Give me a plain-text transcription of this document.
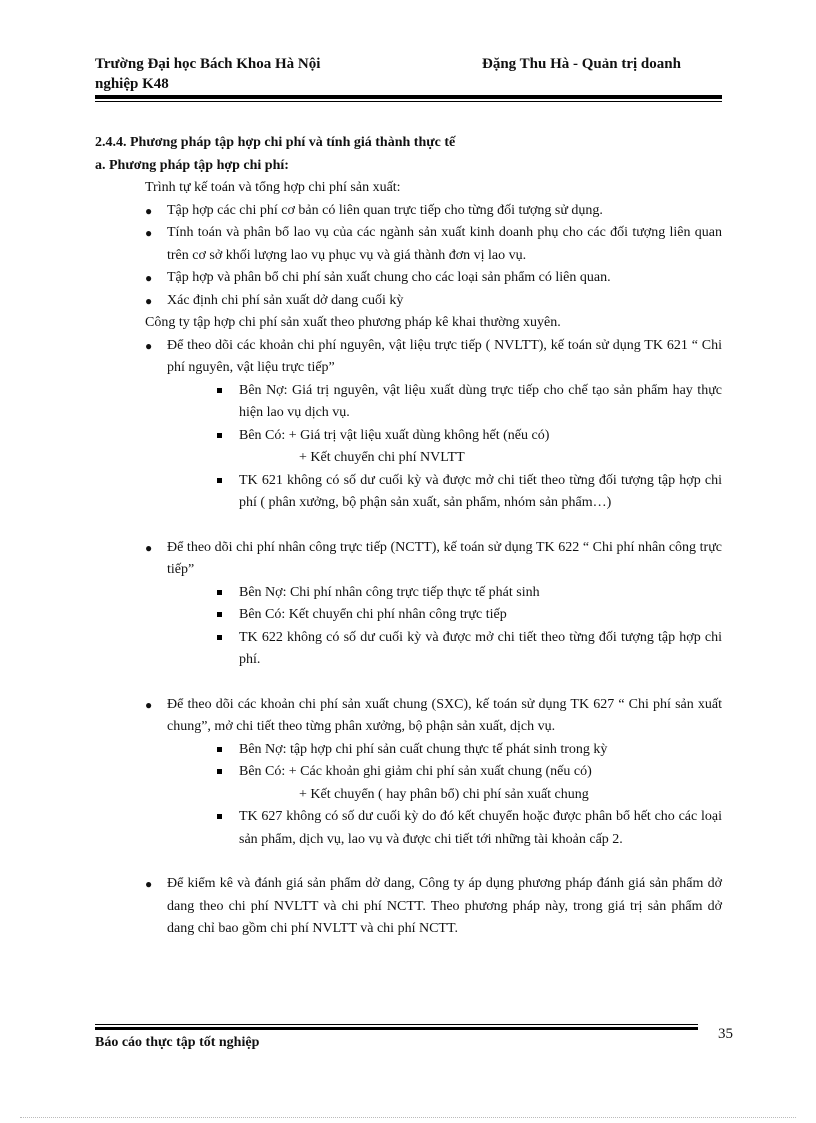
Trường Đại học Bách Khoa Hà Nội
nghiệp K48
Đặng Thu Hà - Quản trị doanh
2.4.4. Phương pháp tập hợp chi phí và tính giá thành thực tế
a. Phương pháp tập hợp chi phí:
Trình tự kế toán và tổng hợp chi phí sản xuất:
● Tập hợp các chi phí cơ bản có liên quan trực tiếp cho từng đối tượng sử dụng.
● Tính toán và phân bổ lao vụ của các ngành sản xuất kinh doanh phụ cho các đối tượng liên quan trên cơ sở khối lượng lao vụ phục vụ và giá thành đơn vị lao vụ.
● Tập hợp và phân bổ chi phí sản xuất chung cho các loại sản phẩm có liên quan.
● Xác định chi phí sản xuất dở dang cuối kỳ
Công ty tập hợp chi phí sản xuất theo phương pháp kê khai thường xuyên.
● Để theo dõi các khoản chi phí nguyên, vật liệu trực tiếp ( NVLTT), kế toán sử dụng TK 621 “ Chi phí nguyên, vật liệu trực tiếp”
Bên Nợ: Giá trị nguyên, vật liệu xuất dùng trực tiếp cho chế tạo sản phẩm hay thực hiện lao vụ dịch vụ.
Bên Có: + Giá trị vật liệu xuất dùng không hết (nếu có)
+ Kết chuyển chi phí NVLTT
TK 621 không có số dư cuối kỳ và được mở chi tiết theo từng đối tượng tập hợp chi phí ( phân xưởng, bộ phận sản xuất, sản phẩm, nhóm sản phẩm…)
● Để theo dõi chi phí nhân công trực tiếp (NCTT), kế toán sử dụng TK 622 “ Chi phí nhân công trực tiếp”
Bên Nợ: Chi phí nhân công trực tiếp thực tế phát sinh
Bên Có: Kết chuyển chi phí nhân công trực tiếp
TK 622 không có số dư cuối kỳ và được mở chi tiết theo từng đối tượng tập hợp chi phí.
● Để theo dõi các khoản chi phí sản xuất chung (SXC), kế toán sử dụng TK 627 “ Chi phí sản xuất chung”, mở chi tiết theo từng phân xưởng, bộ phận sản xuất, dịch vụ.
Bên Nợ: tập hợp chi phí sản cuất chung thực tế phát sinh trong kỳ
Bên Có: + Các khoản ghi giảm chi phí sản xuất chung (nếu có)
+ Kết chuyển ( hay phân bổ) chi phí sản xuất chung
TK 627 không có số dư cuối kỳ do đó kết chuyển hoặc được phân bổ hết cho các loại sản phẩm, dịch vụ, lao vụ và được chi tiết tới những tài khoản cấp 2.
● Để kiểm kê và đánh giá sản phẩm dở dang, Công ty áp dụng phương pháp đánh giá sản phẩm dở dang theo chi phí NVLTT và chi phí NCTT. Theo phương pháp này, trong giá trị sản phẩm dở dang chỉ bao gồm chi phí NVLTT và chi phí NCTT.
Báo cáo thực tập tốt nghiệp
35
